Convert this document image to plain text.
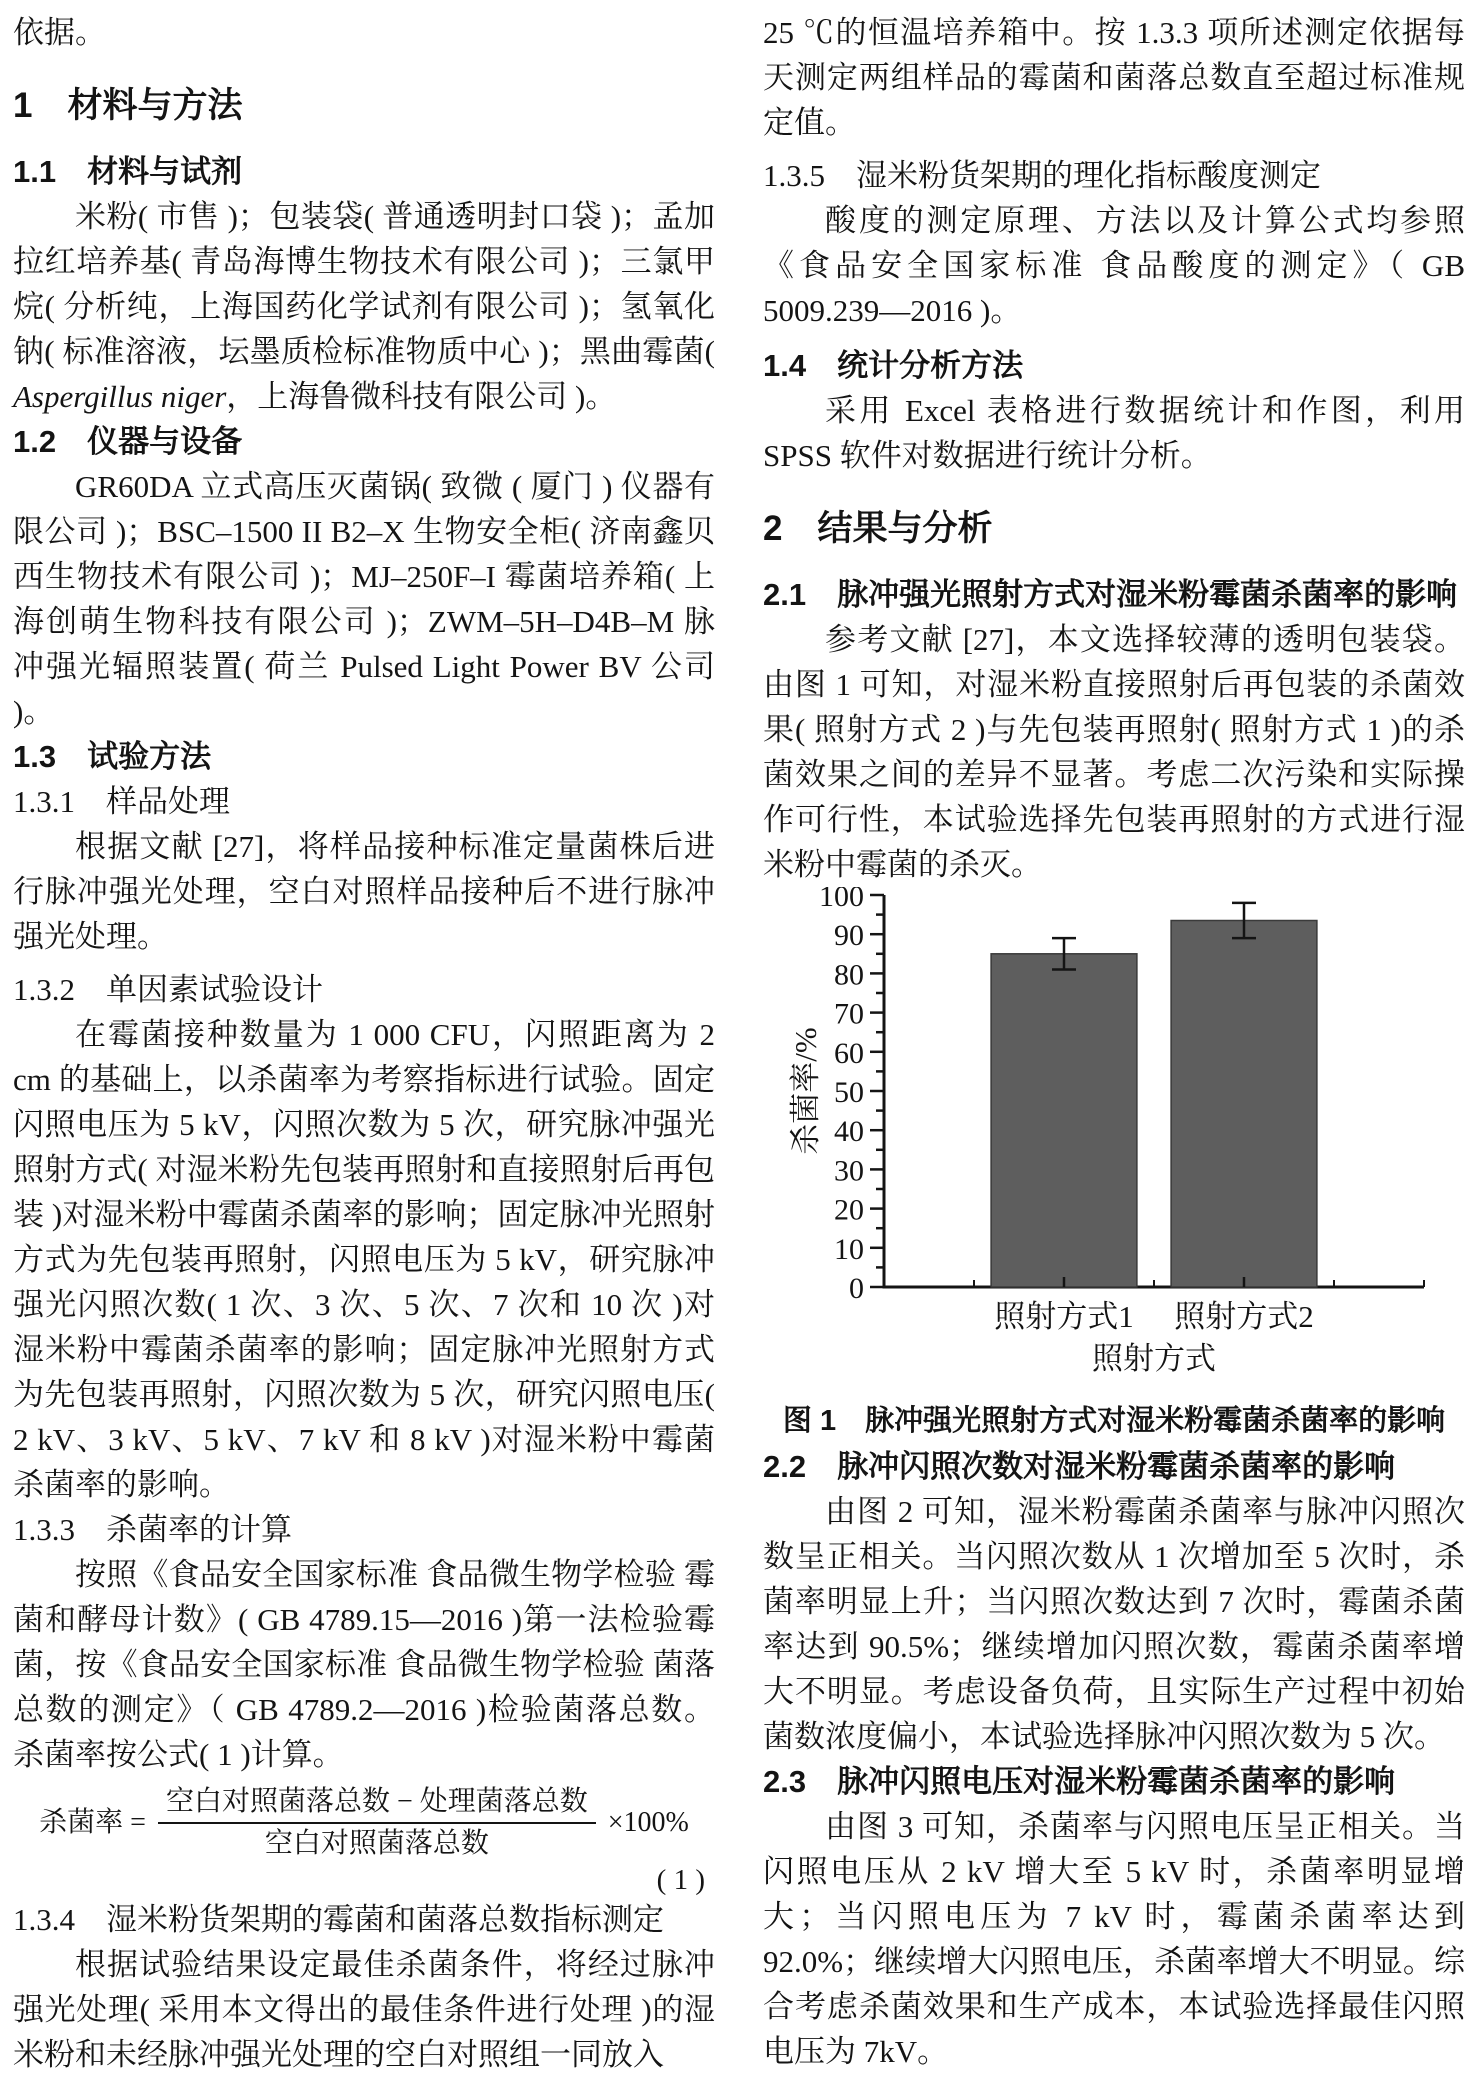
依据。

1　材料与方法
1.1　材料与试剂

米粉( 市售 )；包装袋( 普通透明封口袋 )；孟加拉红培养基( 青岛海博生物技术有限公司 )；三氯甲烷( 分析纯，上海国药化学试剂有限公司 )；氢氧化钠( 标准溶液，坛墨质检标准物质中心 )；黑曲霉菌( Aspergillus niger，上海鲁微科技有限公司 )。

1.2　仪器与设备

GR60DA 立式高压灭菌锅( 致微 ( 厦门 ) 仪器有限公司 )；BSC–1500 II B2–X 生物安全柜( 济南鑫贝西生物技术有限公司 )；MJ–250F–I 霉菌培养箱( 上海创萌生物科技有限公司 )；ZWM–5H–D4B–M 脉冲强光辐照装置( 荷兰 Pulsed Light Power BV 公司 )。

1.3　试验方法
1.3.1　样品处理

根据文献 [27]，将样品接种标准定量菌株后进行脉冲强光处理，空白对照样品接种后不进行脉冲强光处理。

1.3.2　单因素试验设计

在霉菌接种数量为 1 000 CFU，闪照距离为 2 cm 的基础上，以杀菌率为考察指标进行试验。固定闪照电压为 5 kV，闪照次数为 5 次，研究脉冲强光照射方式( 对湿米粉先包装再照射和直接照射后再包装 )对湿米粉中霉菌杀菌率的影响；固定脉冲光照射方式为先包装再照射，闪照电压为 5 kV，研究脉冲强光闪照次数( 1 次、3 次、5 次、7 次和 10 次 )对湿米粉中霉菌杀菌率的影响；固定脉冲光照射方式为先包装再照射，闪照次数为 5 次，研究闪照电压( 2 kV、3 kV、5 kV、7 kV 和 8 kV )对湿米粉中霉菌杀菌率的影响。

1.3.3　杀菌率的计算

按照《食品安全国家标准 食品微生物学检验 霉菌和酵母计数》( GB 4789.15—2016 )第一法检验霉菌，按《食品安全国家标准 食品微生物学检验 菌落总数的测定》（ GB 4789.2—2016 )检验菌落总数。杀菌率按公式( 1 )计算。

杀菌率 = $\frac{\text{空白对照菌落总数 − 处理菌落总数}}{\text{空白对照菌落总数}} \times 100\%$
( 1 )
1.3.4　湿米粉货架期的霉菌和菌落总数指标测定

根据试验结果设定最佳杀菌条件，将经过脉冲强光处理( 采用本文得出的最佳条件进行处理 )的湿米粉和未经脉冲强光处理的空白对照组一同放入

25 ℃的恒温培养箱中。按 1.3.3 项所述测定依据每天测定两组样品的霉菌和菌落总数直至超过标准规定值。

1.3.5　湿米粉货架期的理化指标酸度测定

酸度的测定原理、方法以及计算公式均参照《食品安全国家标准 食品酸度的测定》（ GB 5009.239—2016 )。

1.4　统计分析方法

采用 Excel 表格进行数据统计和作图，利用 SPSS 软件对数据进行统计分析。

2　结果与分析
2.1　脉冲强光照射方式对湿米粉霉菌杀菌率的影响

参考文献 [27]，本文选择较薄的透明包装袋。由图 1 可知，对湿米粉直接照射后再包装的杀菌效果( 照射方式 2 )与先包装再照射( 照射方式 1 )的杀菌效果之间的差异不显著。考虑二次污染和实际操作可行性，本试验选择先包装再照射的方式进行湿米粉中霉菌的杀灭。

0
10
20
30
40
50
60
70
80
90
100
杀菌率/%
照射方式1 照射方式2
照射方式
图 1　脉冲强光照射方式对湿米粉霉菌杀菌率的影响
2.2　脉冲闪照次数对湿米粉霉菌杀菌率的影响

由图 2 可知，湿米粉霉菌杀菌率与脉冲闪照次数呈正相关。当闪照次数从 1 次增加至 5 次时，杀菌率明显上升；当闪照次数达到 7 次时，霉菌杀菌率达到 90.5%；继续增加闪照次数，霉菌杀菌率增大不明显。考虑设备负荷，且实际生产过程中初始菌数浓度偏小，本试验选择脉冲闪照次数为 5 次。

2.3　脉冲闪照电压对湿米粉霉菌杀菌率的影响

由图 3 可知，杀菌率与闪照电压呈正相关。当闪照电压从 2 kV 增大至 5 kV 时，杀菌率明显增大；当闪照电压为 7 kV 时，霉菌杀菌率达到 92.0%；继续增大闪照电压，杀菌率增大不明显。综合考虑杀菌效果和生产成本，本试验选择最佳闪照电压为 7kV。
